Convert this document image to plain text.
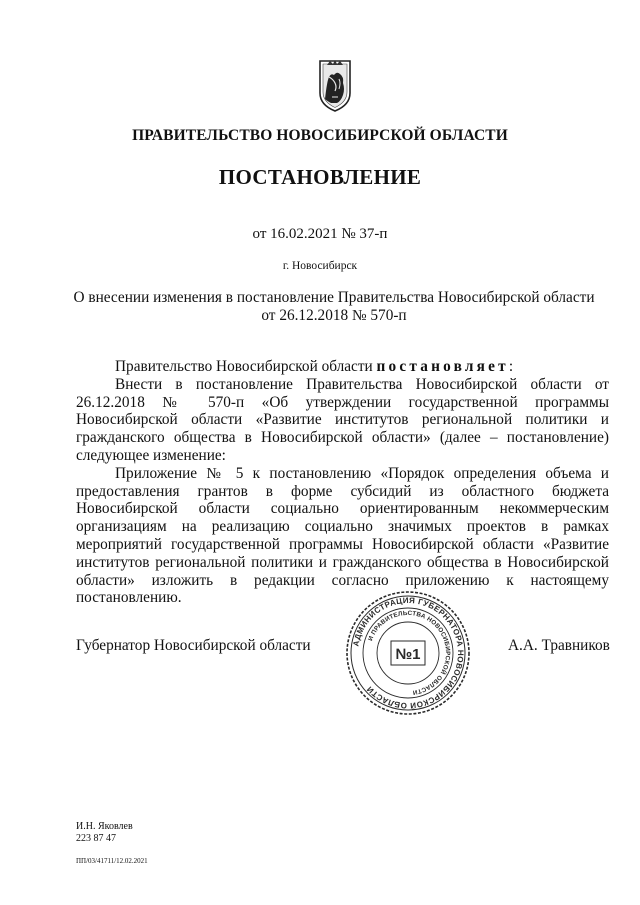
ПРАВИТЕЛЬСТВО НОВОСИБИРСКОЙ ОБЛАСТИ
ПОСТАНОВЛЕНИЕ
от 16.02.2021 № 37-п
г. Новосибирск
О внесении изменения в постановление Правительства Новосибирской области
от 26.12.2018 № 570-п

Правительство Новосибирской области постановляет:

Внести в постановление Правительства Новосибирской области от 26.12.2018 № 570-п «Об утверждении государственной программы Новосибирской области «Развитие институтов региональной политики и гражданского общества в Новосибирской области» (далее – постановление) следующее изменение:

Приложение № 5 к постановлению «Порядок определения объема и предоставления грантов в форме субсидий из областного бюджета Новосибирской области социально ориентированным некоммерческим организациям на реализацию социально значимых проектов в рамках мероприятий государственной программы Новосибирской области «Развитие институтов региональной политики и гражданского общества в Новосибирской области» изложить в редакции согласно приложению к настоящему постановлению.

Губернатор Новосибирской области	А.А. Травников
АДМИНИСТРАЦИЯ ГУБЕРНАТОРА НОВОСИБИРСКОЙ ОБЛАСТИ
И ПРАВИТЕЛЬСТВА НОВОСИБИРСКОЙ ОБЛАСТИ
№1
И.Н. Яковлев
223 87 47
ПП/03/41711/12.02.2021
